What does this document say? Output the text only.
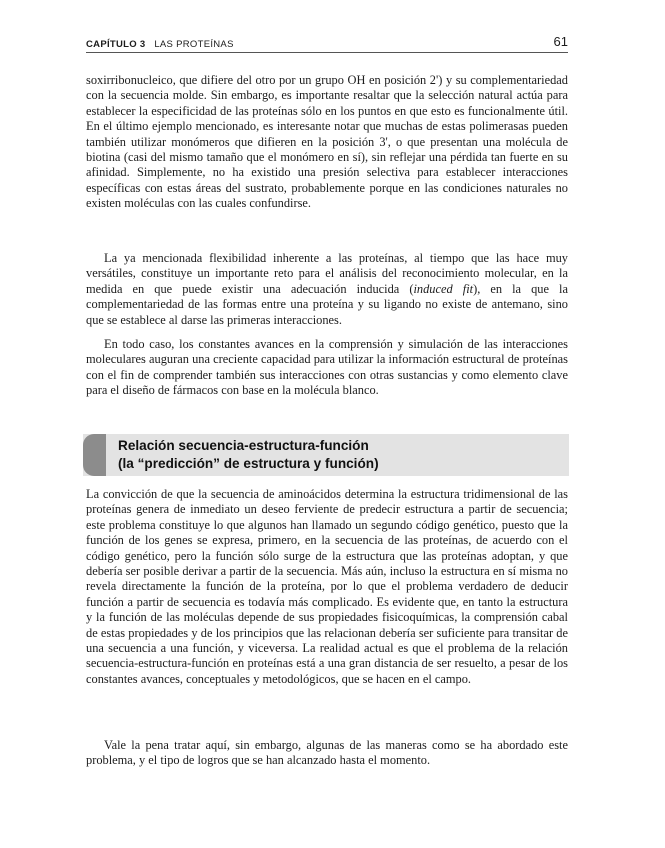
CAPÍTULO 3 LAS PROTEÍNAS	61

soxirribonucleico, que difiere del otro por un grupo OH en posición 2') y su complementariedad con la secuencia molde. Sin embargo, es importante resaltar que la selección natural actúa para establecer la especificidad de las proteínas sólo en los puntos en que esto es funcionalmente útil. En el último ejemplo mencionado, es interesante notar que muchas de estas polimerasas pueden también utilizar monómeros que difieren en la posición 3', o que presentan una molécula de biotina (casi del mismo tamaño que el monómero en sí), sin reflejar una pérdida tan fuerte en su afinidad. Simplemente, no ha existido una presión selectiva para establecer interacciones específicas con estas áreas del sustrato, probablemente porque en las condiciones naturales no existen moléculas con las cuales confundirse.

La ya mencionada flexibilidad inherente a las proteínas, al tiempo que las hace muy versátiles, constituye un importante reto para el análisis del reconocimiento molecular, en la medida en que puede existir una adecuación inducida (induced fit), en la que la complementariedad de las formas entre una proteína y su ligando no existe de antemano, sino que se establece al darse las primeras interacciones.

En todo caso, los constantes avances en la comprensión y simulación de las interacciones moleculares auguran una creciente capacidad para utilizar la información estructural de proteínas con el fin de comprender también sus interacciones con otras sustancias y como elemento clave para el diseño de fármacos con base en la molécula blanco.

Relación secuencia-estructura-función
(la “predicción” de estructura y función)

La convicción de que la secuencia de aminoácidos determina la estructura tridimensional de las proteínas genera de inmediato un deseo ferviente de predecir estructura a partir de secuencia; este problema constituye lo que algunos han llamado un segundo código genético, puesto que la función de los genes se expresa, primero, en la secuencia de las proteínas, de acuerdo con el código genético, pero la función sólo surge de la estructura que las proteínas adoptan, y que debería ser posible derivar a partir de la secuencia. Más aún, incluso la estructura en sí misma no revela directamente la función de la proteína, por lo que el problema verdadero de deducir función a partir de secuencia es todavía más complicado. Es evidente que, en tanto la estructura y la función de las moléculas depende de sus propiedades fisicoquímicas, la comprensión cabal de estas propiedades y de los principios que las relacionan debería ser suficiente para transitar de una secuencia a una función, y viceversa. La realidad actual es que el problema de la relación secuencia-estructura-función en proteínas está a una gran distancia de ser resuelto, a pesar de los constantes avances, conceptuales y metodológicos, que se hacen en el campo.

Vale la pena tratar aquí, sin embargo, algunas de las maneras como se ha abordado este problema, y el tipo de logros que se han alcanzado hasta el momento.
